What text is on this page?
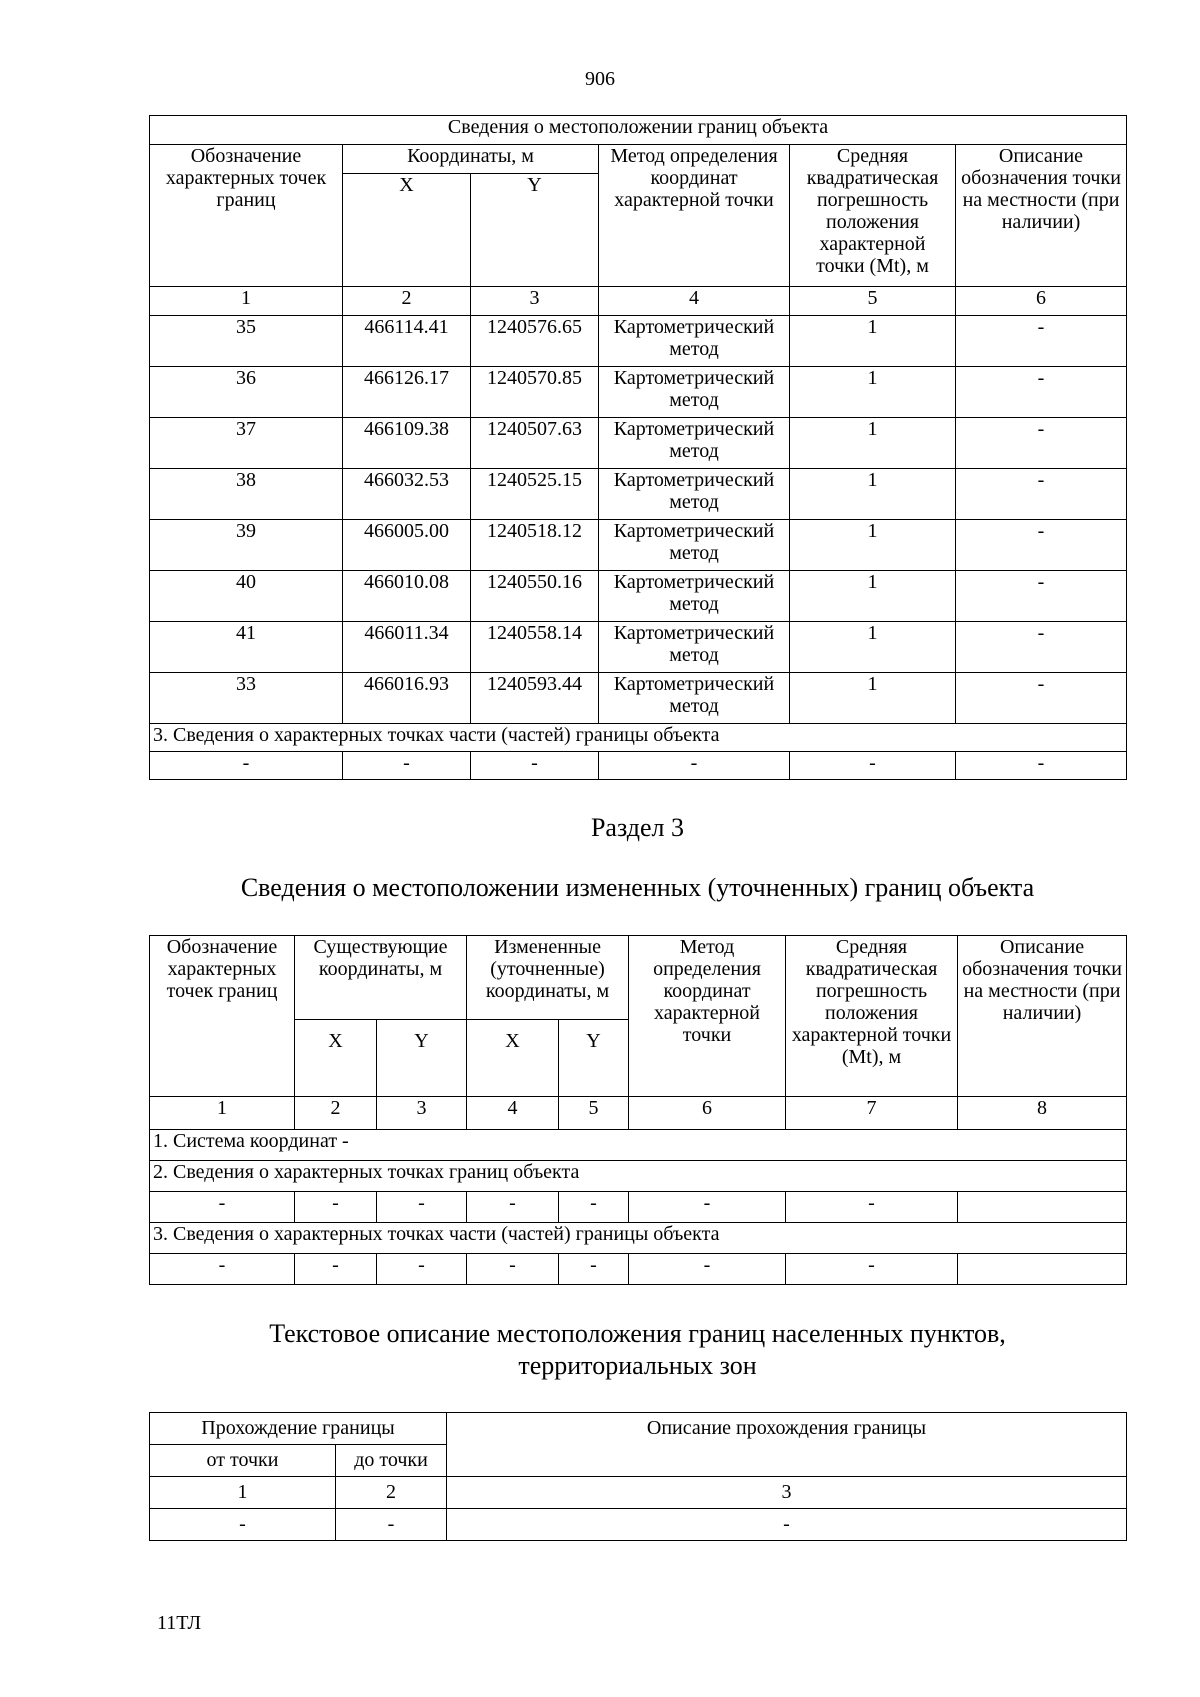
906
Сведения о местоположении границ объекта					
Обозначение характерных точек границ	Координаты, м		Метод определения координат характерной точки	Средняя квадратическая погрешность положения характерной точки (Mt), м	Описание обозначения точки на местности (при наличии)
	X	Y			
1	2	3	4	5	6
35	466114.41	1240576.65	Картометрический метод	1	-
36	466126.17	1240570.85	Картометрический метод	1	-
37	466109.38	1240507.63	Картометрический метод	1	-
38	466032.53	1240525.15	Картометрический метод	1	-
39	466005.00	1240518.12	Картометрический метод	1	-
40	466010.08	1240550.16	Картометрический метод	1	-
41	466011.34	1240558.14	Картометрический метод	1	-
33	466016.93	1240593.44	Картометрический метод	1	-
3. Сведения о характерных точках части (частей) границы объекта					
-	-	-	-	-	-
Раздел 3
Сведения о местоположении измененных (уточненных) границ объекта
Обозначение характерных точек границ	Существующие координаты, м		Измененные (уточненные) координаты, м		Метод определения координат характерной точки	Средняя квадратическая погрешность положения характерной точки (Mt), м	Описание обозначения точки на местности (при наличии)
	X	Y	X	Y			
1	2	3	4	5	6	7	8
1. Система координат -							
2. Сведения о характерных точках границ объекта							
-	-	-	-	-	-	-	
3. Сведения о характерных точках части (частей) границы объекта							
-	-	-	-	-	-	-	
Текстовое описание местоположения границ населенных пунктов,
территориальных зон
Прохождение границы		Описание прохождения границы
от точки	до точки	
1	2	3
-	-	-
11ТЛ
